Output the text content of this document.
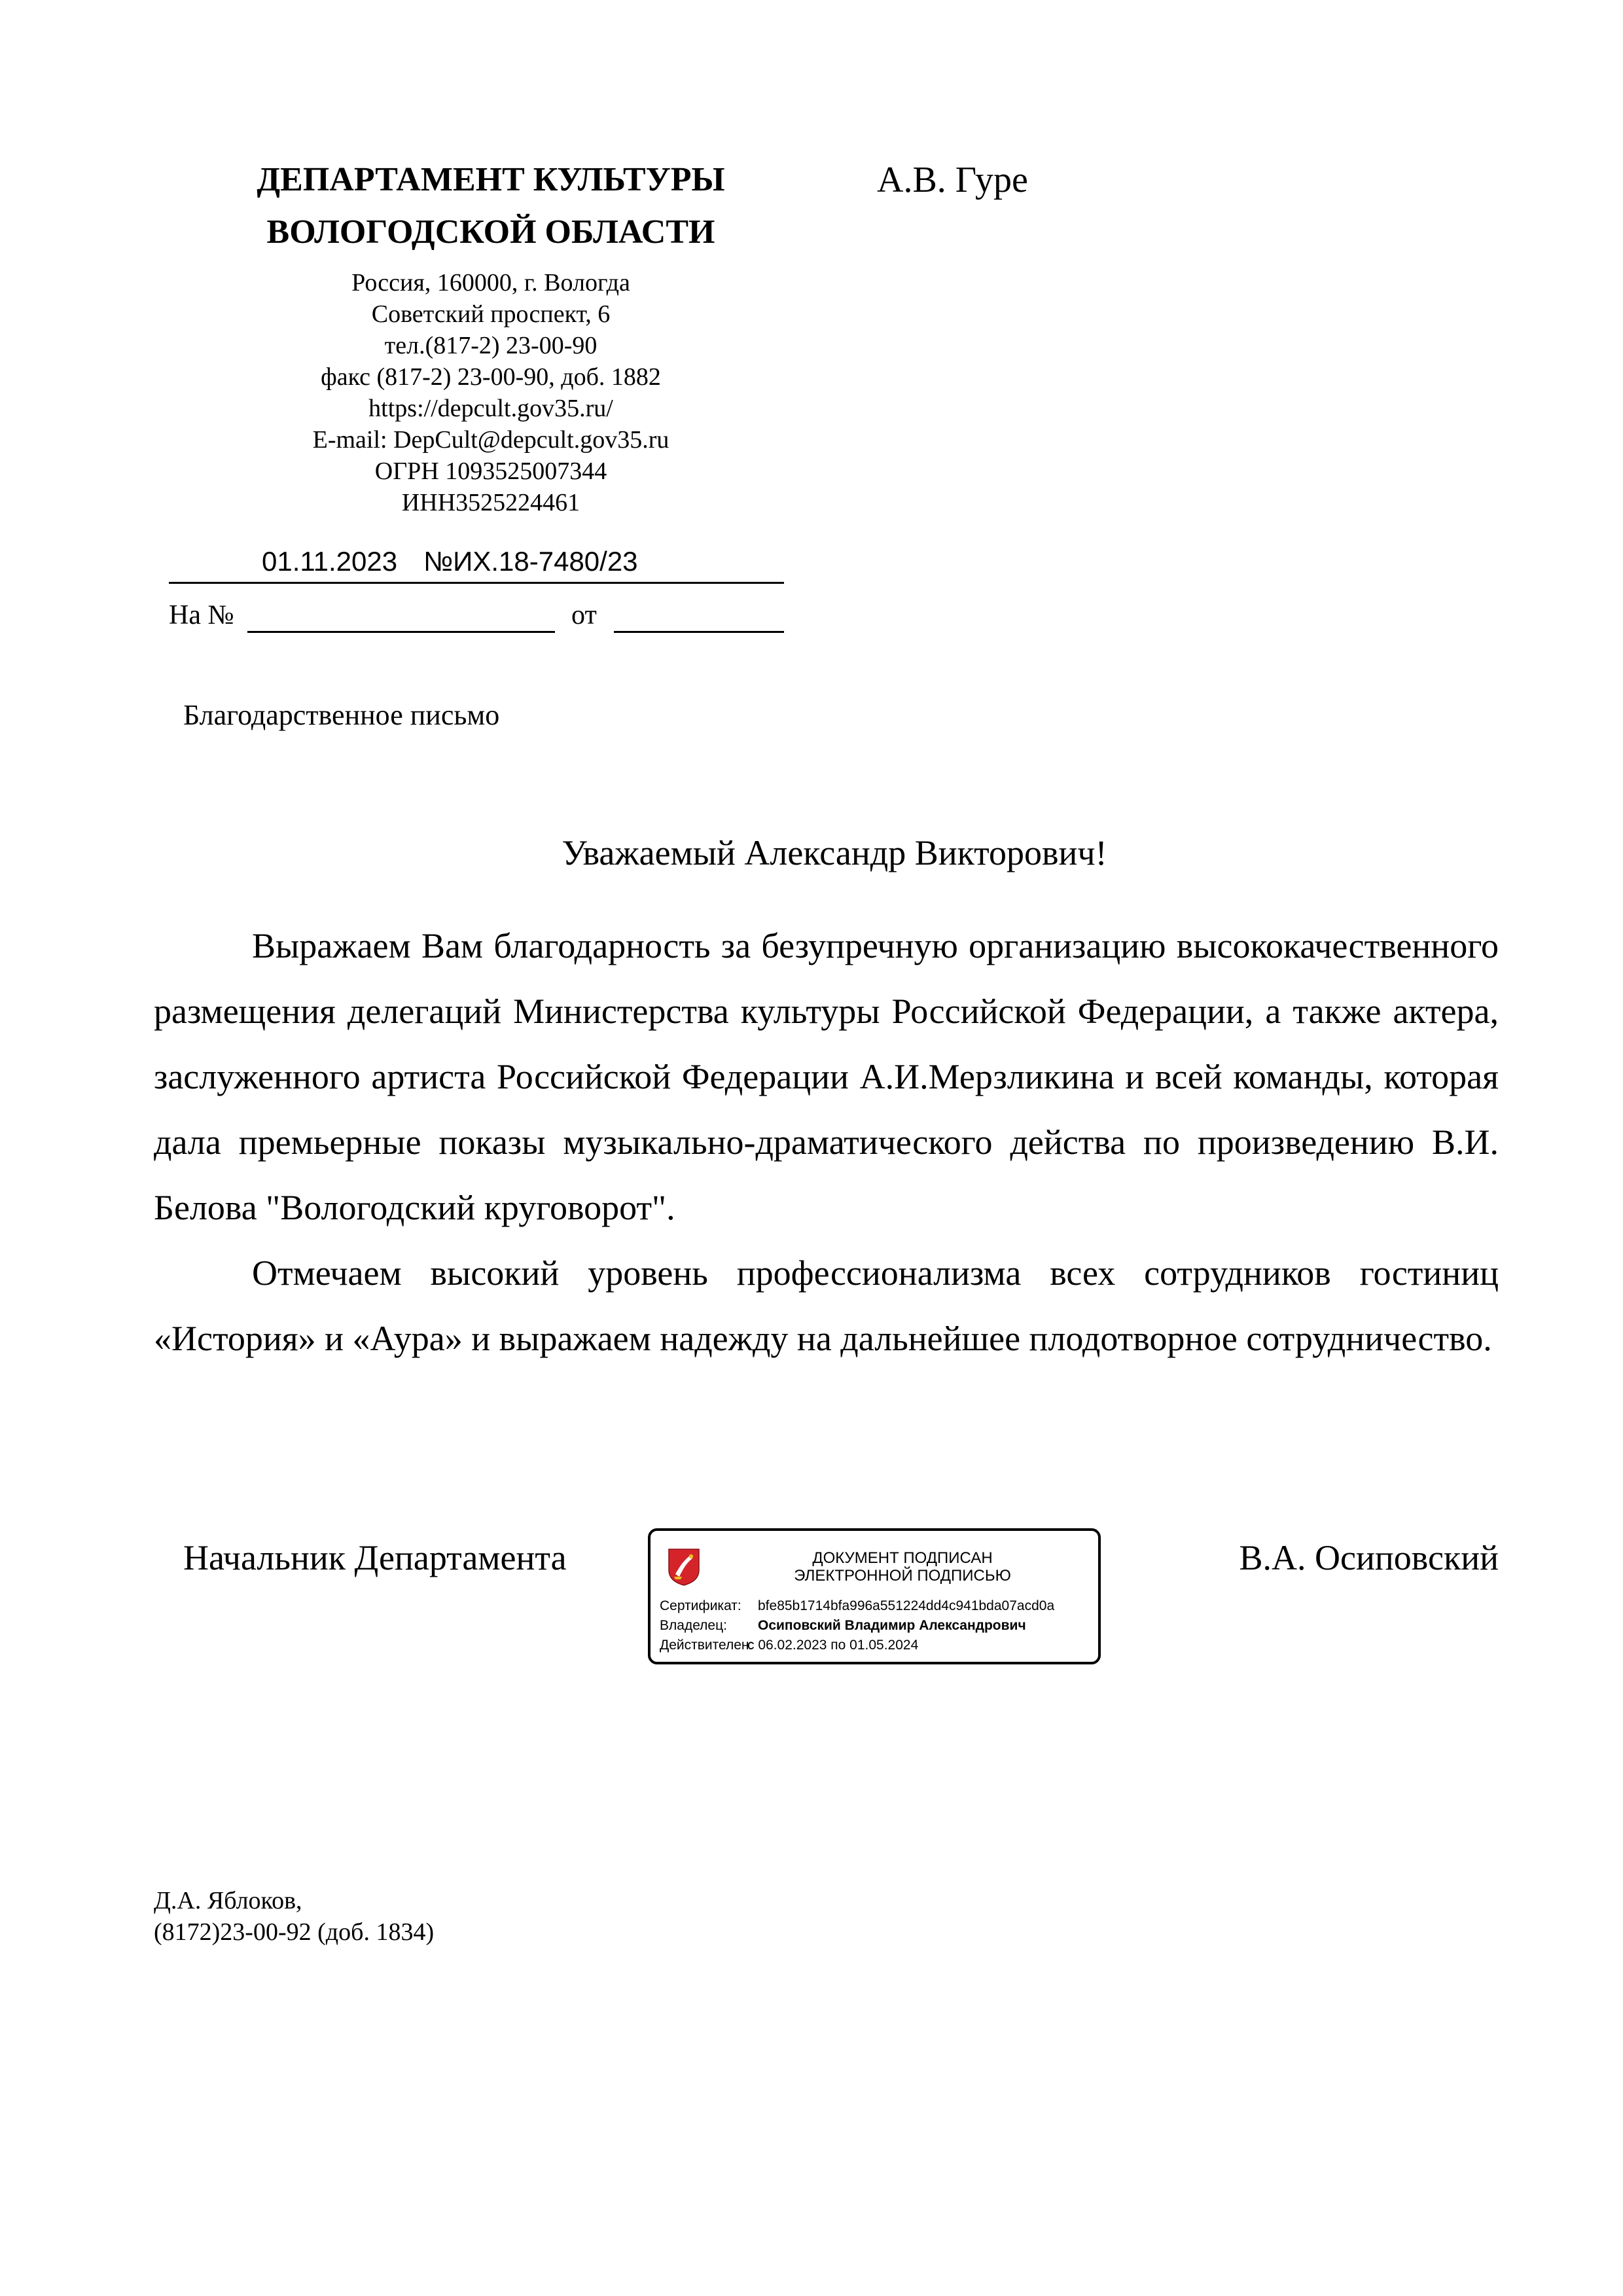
ДЕПАРТАМЕНТ КУЛЬТУРЫ
ВОЛОГОДСКОЙ ОБЛАСТИ
Россия, 160000, г. Вологда
Советский проспект, 6
тел.(817-2) 23-00-90
факс (817-2) 23-00-90, доб. 1882
https://depcult.gov35.ru/
E-mail: DepCult@depcult.gov35.ru
ОГРН 1093525007344
ИНН3525224461
А.В. Гуре
01.11.2023 №ИХ.18-7480/23
На №	от
Благодарственное письмо
Уважаемый Александр Викторович!

Выражаем Вам благодарность за безупречную организацию высококачественного размещения делегаций Министерства культуры Российской Федерации, а также актера, заслуженного артиста Российской Федерации А.И.Мерзликина и всей команды, которая дала премьерные показы музыкально-драматического действа по произведению В.И. Белова "Вологодский круговорот".

Отмечаем высокий уровень профессионализма всех сотрудников гостиниц «История» и «Аура» и выражаем надежду на дальнейшее плодотворное сотрудничество.

Начальник Департамента	ДОКУМЕНТ ПОДПИСАН
ЭЛЕКТРОННОЙ ПОДПИСЬЮ
Сертификат: bfe85b1714bfa996a551224dd4c941bda07acd0a
Владелец: Осиповский Владимир Александрович
Действителен:с 06.02.2023 по 01.05.2024
В.А. Осиповский
Д.А. Яблоков,
(8172)23-00-92 (доб. 1834)
